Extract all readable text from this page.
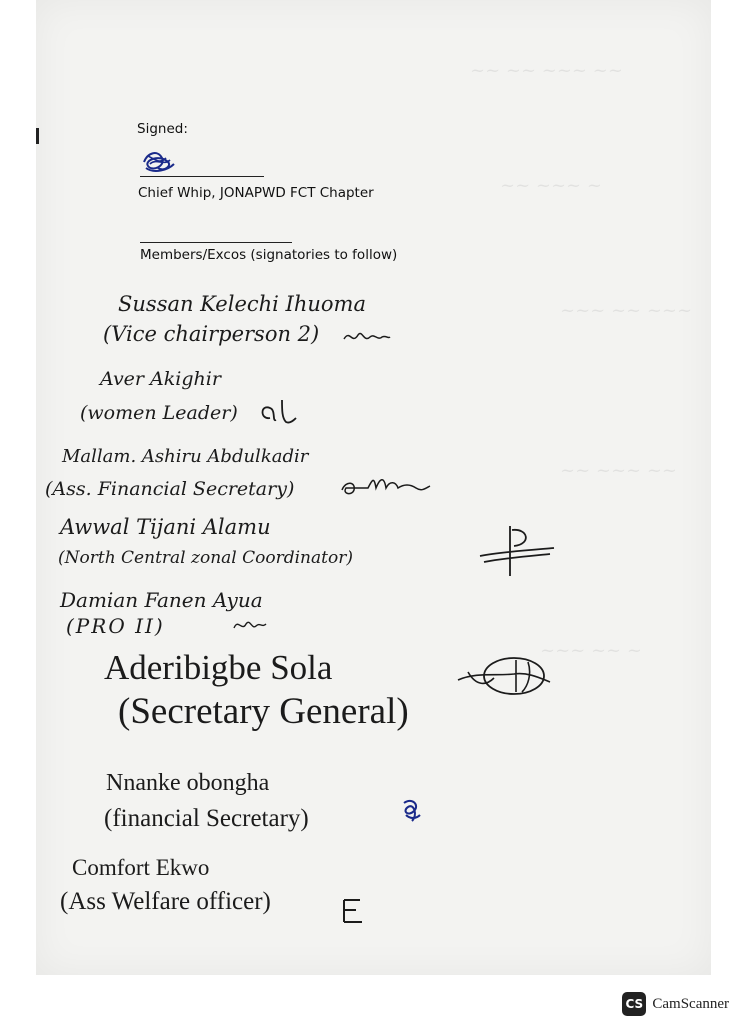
~~ ~~ ~~~ ~~
~~ ~~~ ~
~~~ ~~ ~~~
~~ ~~~ ~~
~~~ ~~ ~
Signed:
Chief Whip, JONAPWD FCT Chapter
Members/Excos (signatories to follow)
Sussan Kelechi Ihuoma
(Vice chairperson 2)
Aver Akighir
(women Leader)
Mallam. Ashiru Abdulkadir
(Ass. Financial Secretary)
Awwal Tijani Alamu
(North Central zonal Coordinator)
Damian Fanen Ayua
(PRO II)
Aderibigbe Sola
(Secretary General)
Nnanke obongha
(financial Secretary)
Comfort Ekwo
(Ass Welfare officer)
CS CamScanner
